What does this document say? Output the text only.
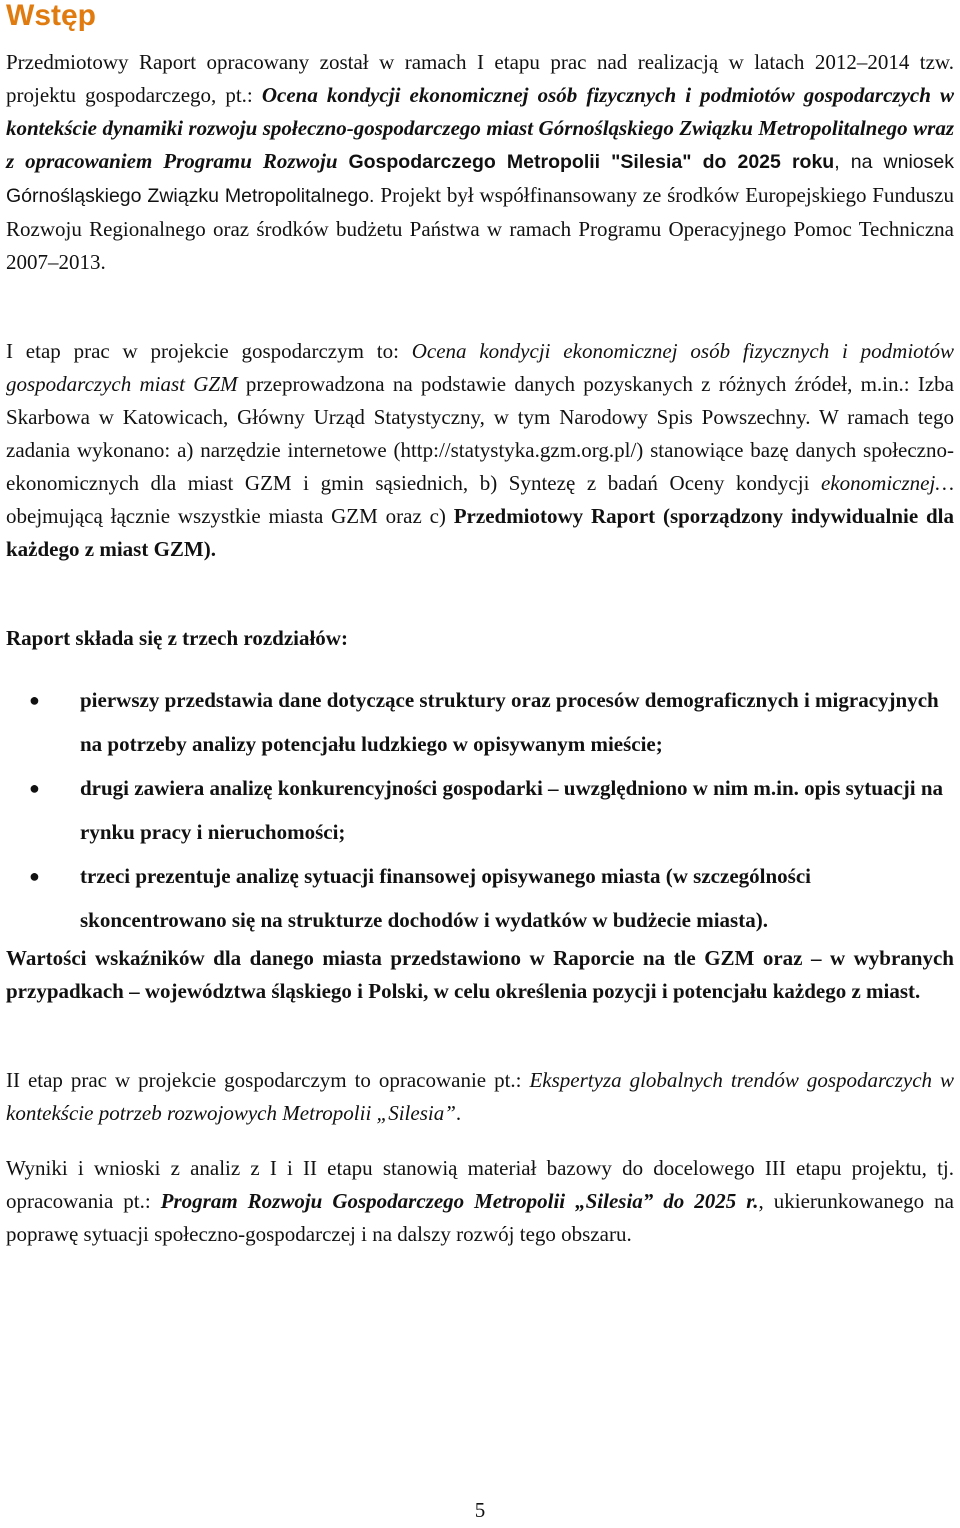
Wstęp

Przedmiotowy Raport opracowany został w ramach I etapu prac nad realizacją w latach 2012–2014 tzw. projektu gospodarczego, pt.: Ocena kondycji ekonomicznej osób fizycznych i podmiotów gospodarczych w kontekście dynamiki rozwoju społeczno-gospodarczego miast Górnośląskiego Związku Metropolitalnego wraz z opracowaniem Programu Rozwoju Gospodarczego Metropolii "Silesia" do 2025 roku, na wniosek Górnośląskiego Związku Metropolitalnego. Projekt był współfinansowany ze środków Europejskiego Funduszu Rozwoju Regionalnego oraz środków budżetu Państwa w ramach Programu Operacyjnego Pomoc Techniczna 2007–2013.

I etap prac w projekcie gospodarczym to: Ocena kondycji ekonomicznej osób fizycznych i podmiotów gospodarczych miast GZM przeprowadzona na podstawie danych pozyskanych z różnych źródeł, m.in.: Izba Skarbowa w Katowicach, Główny Urząd Statystyczny, w tym Narodowy Spis Powszechny. W ramach tego zadania wykonano: a) narzędzie internetowe (http://statystyka.gzm.org.pl/) stanowiące bazę danych społeczno-ekonomicznych dla miast GZM i gmin sąsiednich, b) Syntezę z badań Oceny kondycji ekonomicznej… obejmującą łącznie wszystkie miasta GZM oraz c) Przedmiotowy Raport (sporządzony indywidualnie dla każdego z miast GZM).

Raport składa się z trzech rozdziałów:

● pierwszy przedstawia dane dotyczące struktury oraz procesów demograficznych i migracyjnych na potrzeby analizy potencjału ludzkiego w opisywanym mieście;
● drugi zawiera analizę konkurencyjności gospodarki – uwzględniono w nim m.in. opis sytuacji na rynku pracy i nieruchomości;
● trzeci prezentuje analizę sytuacji finansowej opisywanego miasta (w szczególności skoncentrowano się na strukturze dochodów i wydatków w budżecie miasta).

Wartości wskaźników dla danego miasta przedstawiono w Raporcie na tle GZM oraz – w wybranych przypadkach – województwa śląskiego i Polski, w celu określenia pozycji i potencjału każdego z miast.

II etap prac w projekcie gospodarczym to opracowanie pt.: Ekspertyza globalnych trendów gospodarczych w kontekście potrzeb rozwojowych Metropolii „Silesia”.

Wyniki i wnioski z analiz z I i II etapu stanowią materiał bazowy do docelowego III etapu projektu, tj. opracowania pt.: Program Rozwoju Gospodarczego Metropolii „Silesia” do 2025 r., ukierunkowanego na poprawę sytuacji społeczno-gospodarczej i na dalszy rozwój tego obszaru.

5
